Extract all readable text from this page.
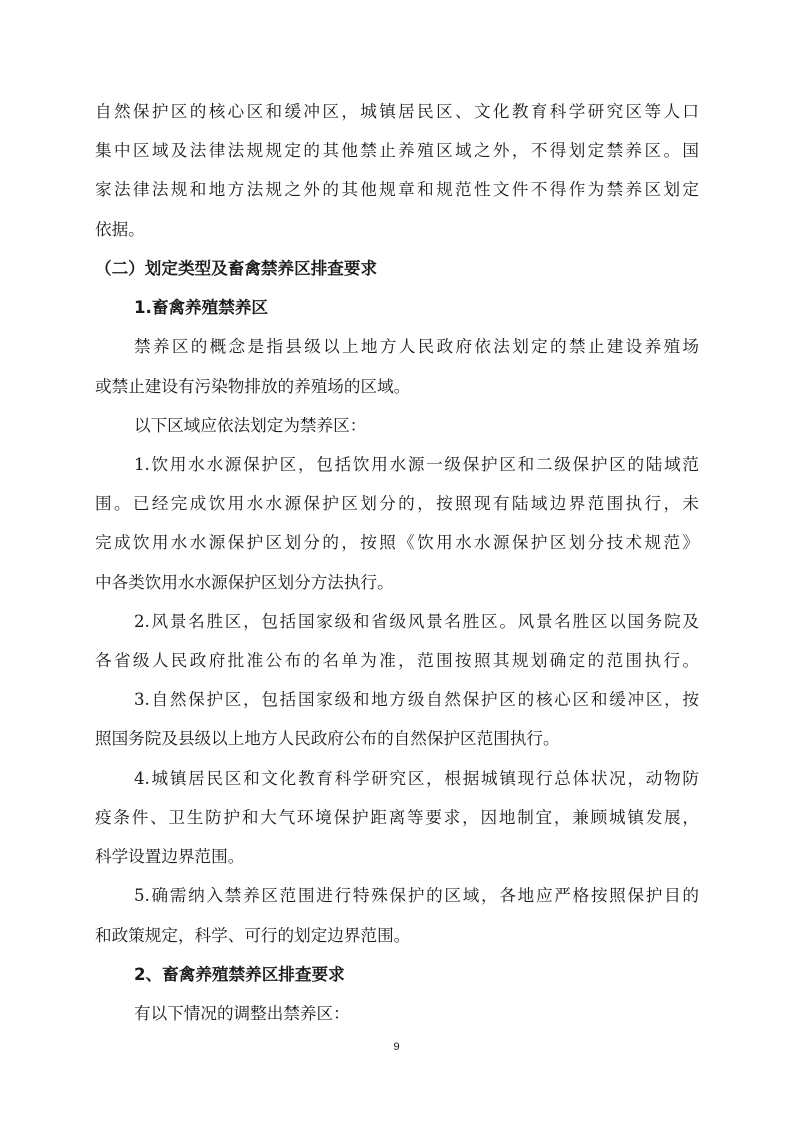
自然保护区的核心区和缓冲区，城镇居民区、文化教育科学研究区等人口
集中区域及法律法规规定的其他禁止养殖区域之外，不得划定禁养区。国
家法律法规和地方法规之外的其他规章和规范性文件不得作为禁养区划定
依据。
（二）划定类型及畜禽禁养区排查要求
1.畜禽养殖禁养区
禁养区的概念是指县级以上地方人民政府依法划定的禁止建设养殖场
或禁止建设有污染物排放的养殖场的区域。
以下区域应依法划定为禁养区：
1.饮用水水源保护区，包括饮用水源一级保护区和二级保护区的陆域范
围。已经完成饮用水水源保护区划分的，按照现有陆域边界范围执行，未
完成饮用水水源保护区划分的，按照《饮用水水源保护区划分技术规范》
中各类饮用水水源保护区划分方法执行。
2.风景名胜区，包括国家级和省级风景名胜区。风景名胜区以国务院及
各省级人民政府批准公布的名单为准，范围按照其规划确定的范围执行。
3.自然保护区，包括国家级和地方级自然保护区的核心区和缓冲区，按
照国务院及县级以上地方人民政府公布的自然保护区范围执行。
4.城镇居民区和文化教育科学研究区，根据城镇现行总体状况，动物防
疫条件、卫生防护和大气环境保护距离等要求，因地制宜，兼顾城镇发展，
科学设置边界范围。
5.确需纳入禁养区范围进行特殊保护的区域，各地应严格按照保护目的
和政策规定，科学、可行的划定边界范围。
2、畜禽养殖禁养区排查要求
有以下情况的调整出禁养区：
9
